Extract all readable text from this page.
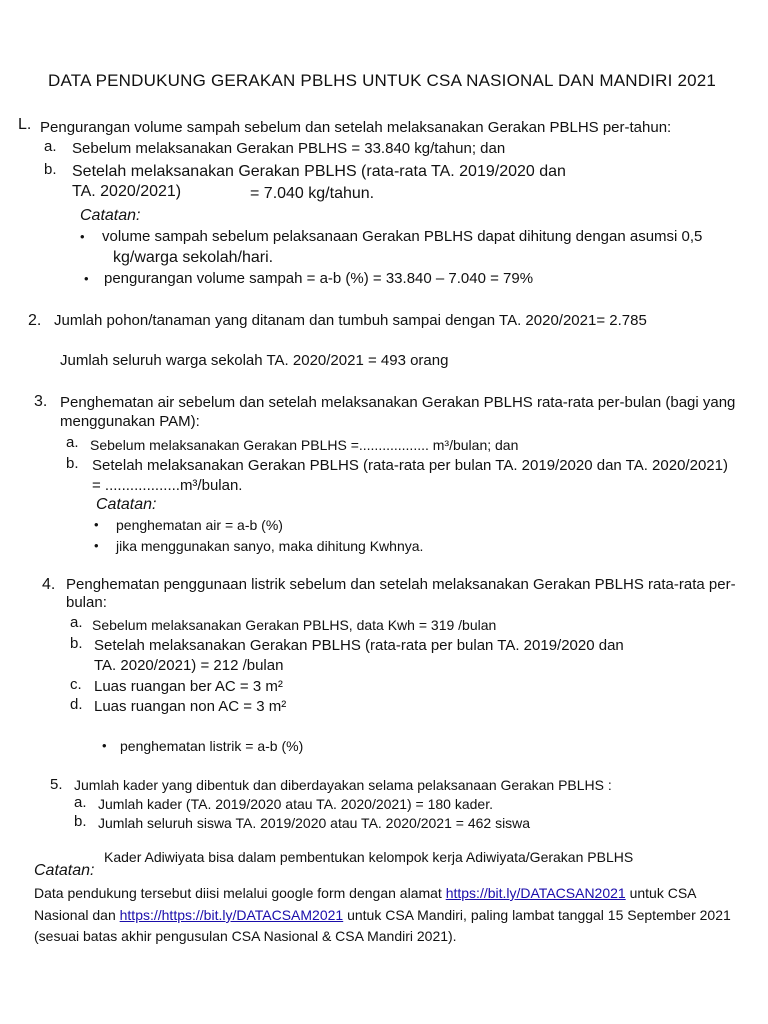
DATA PENDUKUNG GERAKAN PBLHS UNTUK CSA NASIONAL DAN MANDIRI 2021
L. Pengurangan volume sampah sebelum dan setelah melaksanakan Gerakan PBLHS per-tahun:
a. Sebelum melaksanakan Gerakan PBLHS = 33.840 kg/tahun; dan
b. Setelah melaksanakan Gerakan PBLHS (rata-rata TA. 2019/2020 dan
TA. 2020/2021)	= 7.040 kg/tahun.
Catatan:
• volume sampah sebelum pelaksanaan Gerakan PBLHS dapat dihitung dengan asumsi 0,5
kg/warga sekolah/hari.
• pengurangan volume sampah = a-b (%) = 33.840 – 7.040 = 79%
2. Jumlah pohon/tanaman yang ditanam dan tumbuh sampai dengan TA. 2020/2021= 2.785
Jumlah seluruh warga sekolah TA. 2020/2021 = 493 orang
3. Penghematan air sebelum dan setelah melaksanakan Gerakan PBLHS rata-rata per-bulan (bagi yang
menggunakan PAM):
a. Sebelum melaksanakan Gerakan PBLHS =.................. m³/bulan; dan
b. Setelah melaksanakan Gerakan PBLHS (rata-rata per bulan TA. 2019/2020 dan TA. 2020/2021)
= ..................m³/bulan.
Catatan:
• penghematan air = a-b (%)
• jika menggunakan sanyo, maka dihitung Kwhnya.
4. Penghematan penggunaan listrik sebelum dan setelah melaksanakan Gerakan PBLHS rata-rata per-
bulan:
a. Sebelum melaksanakan Gerakan PBLHS, data Kwh = 319 /bulan
b. Setelah melaksanakan Gerakan PBLHS (rata-rata per bulan TA. 2019/2020 dan
TA. 2020/2021) = 212 /bulan
c. Luas ruangan ber AC = 3 m²
d. Luas ruangan non AC = 3 m²
• penghematan listrik = a-b (%)
5. Jumlah kader yang dibentuk dan diberdayakan selama pelaksanaan Gerakan PBLHS :
a. Jumlah kader (TA. 2019/2020 atau TA. 2020/2021) = 180 kader.
b. Jumlah seluruh siswa TA. 2019/2020 atau TA. 2020/2021 = 462 siswa
Kader Adiwiyata bisa dalam pembentukan kelompok kerja Adiwiyata/Gerakan PBLHS
Catatan:
Data pendukung tersebut diisi melalui google form dengan alamat https://bit.ly/DATACSAN2021 untuk CSA
Nasional dan https://https://bit.ly/DATACSAM2021 untuk CSA Mandiri, paling lambat tanggal 15 September 2021
(sesuai batas akhir pengusulan CSA Nasional & CSA Mandiri 2021).
